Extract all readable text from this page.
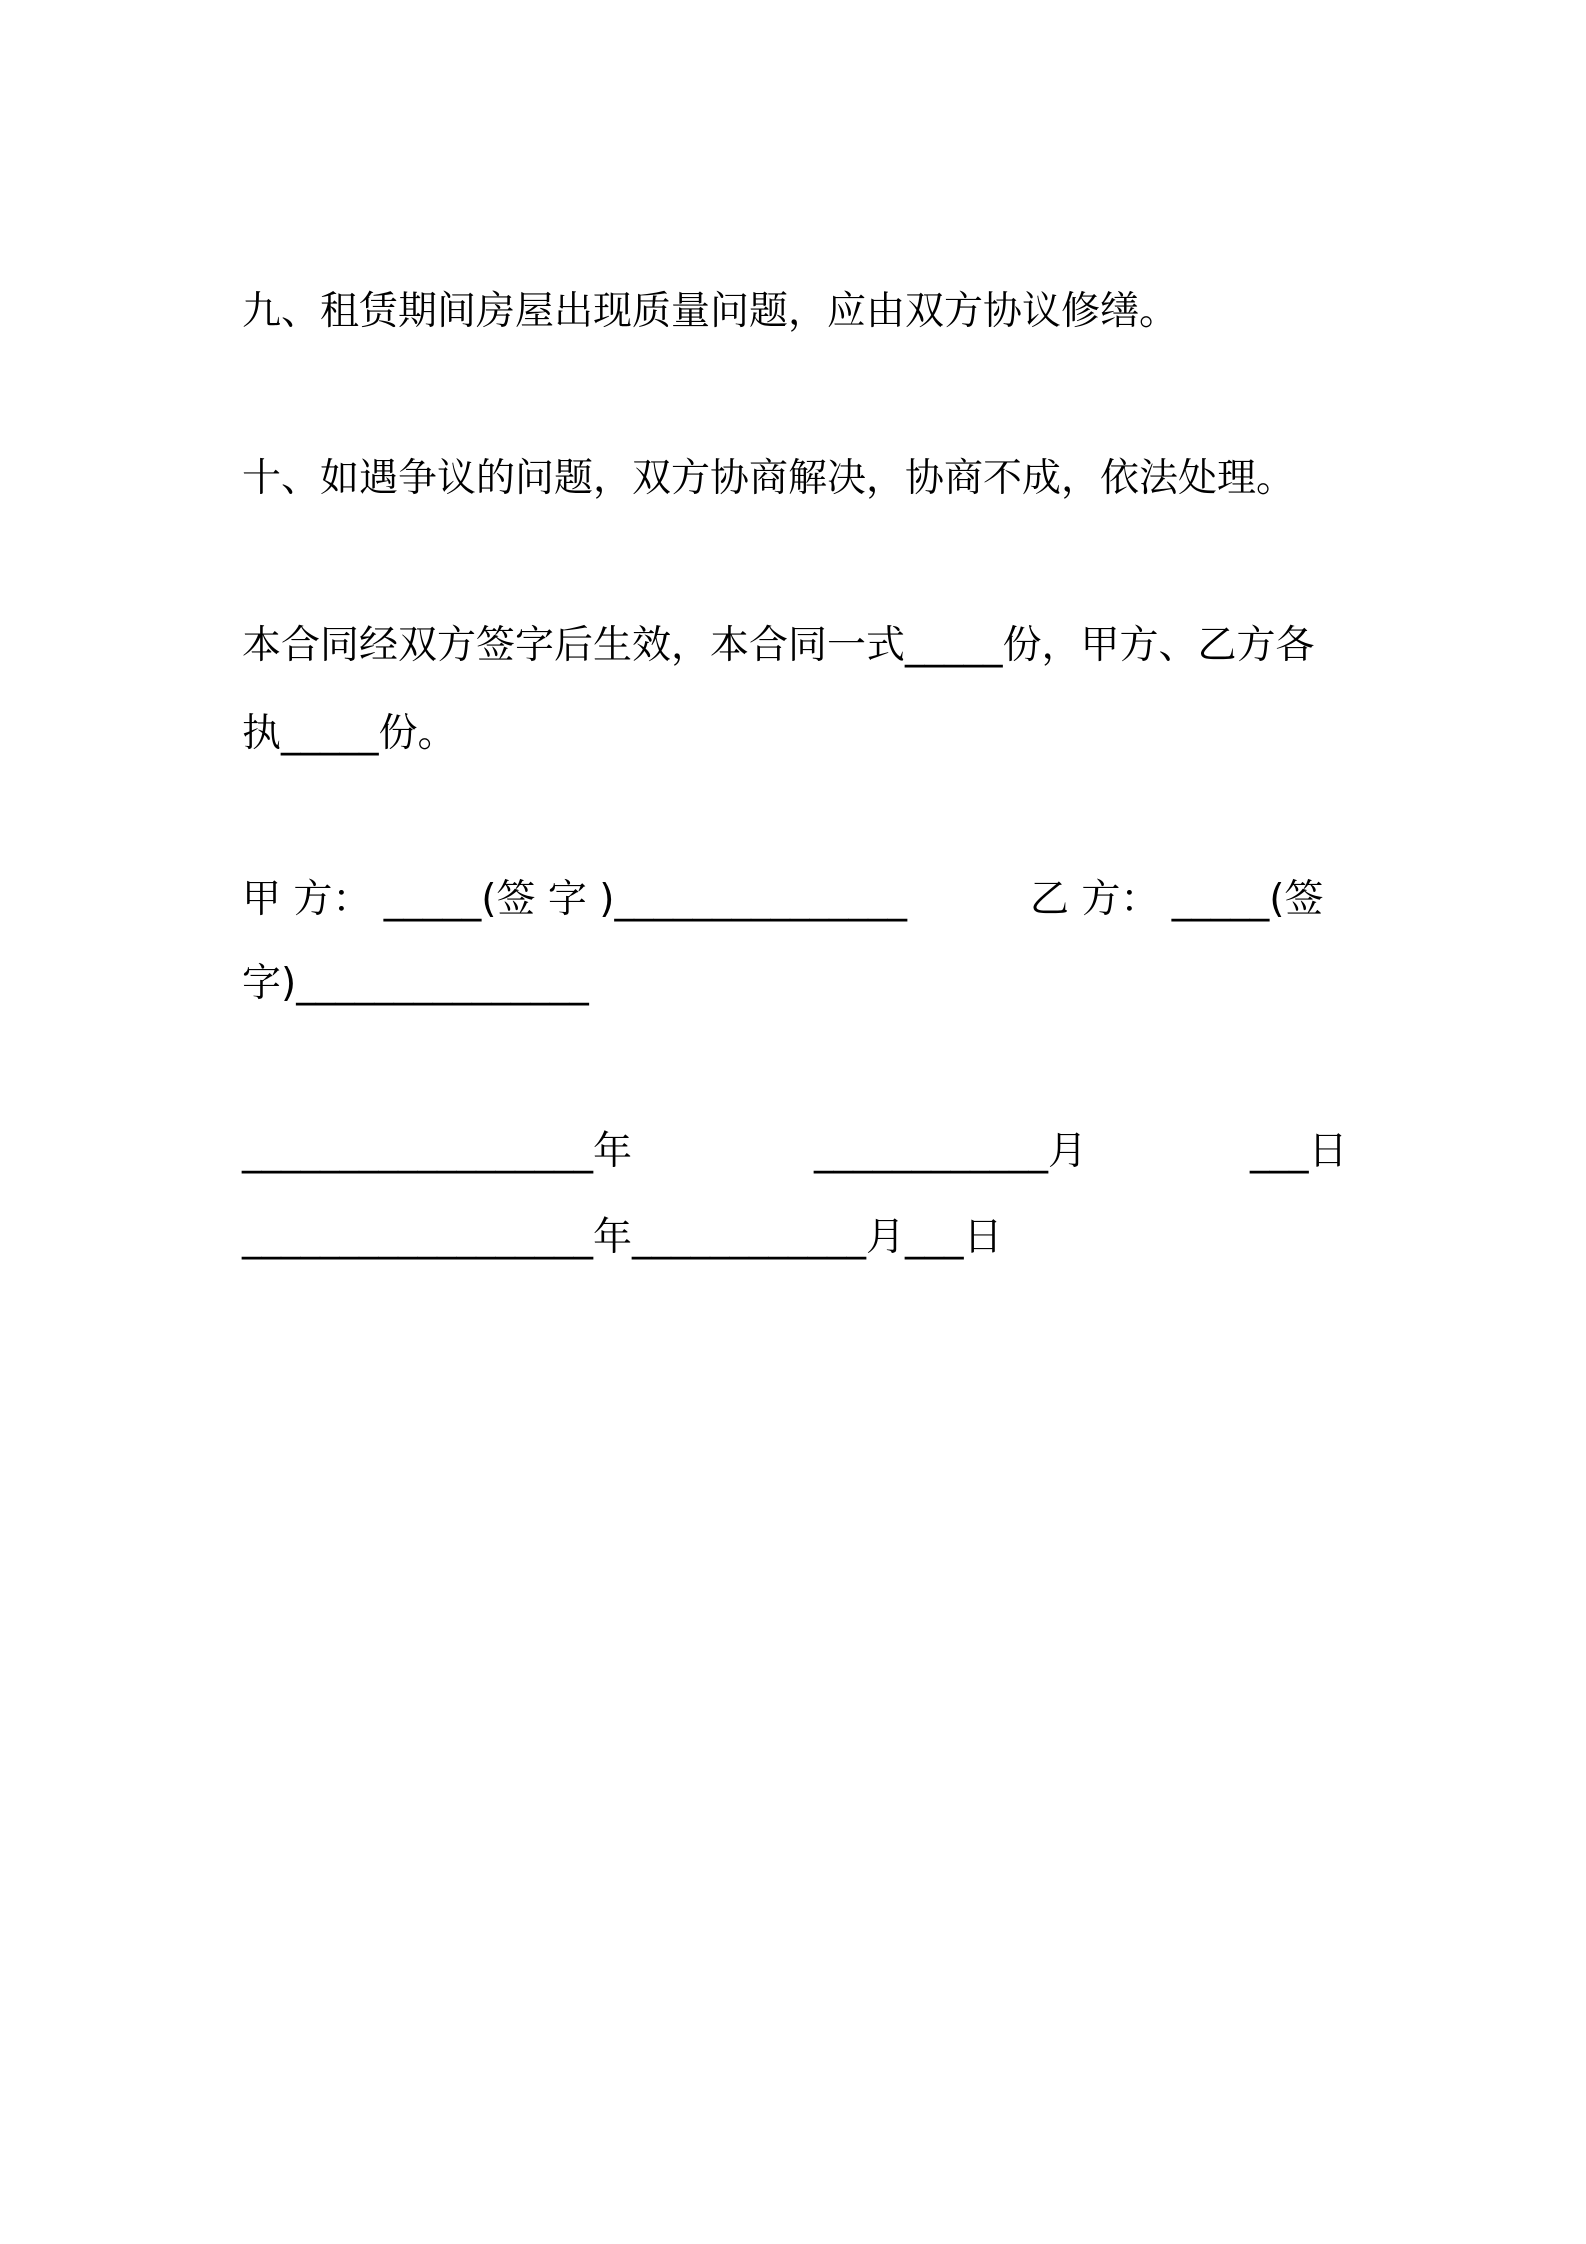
九、租赁期间房屋出现质量问题，应由双方协议修缮。
十、如遇争议的问题，双方协商解决，协商不成，依法处理。
本合同经双方签字后生效，本合同一式_____份，甲方、乙方各
执_____份。

甲 方： _____(签 字 )_______________

	乙 方： _____(签

字)_______________

__________________年

	____________月

	___日

__________________年____________月___日
